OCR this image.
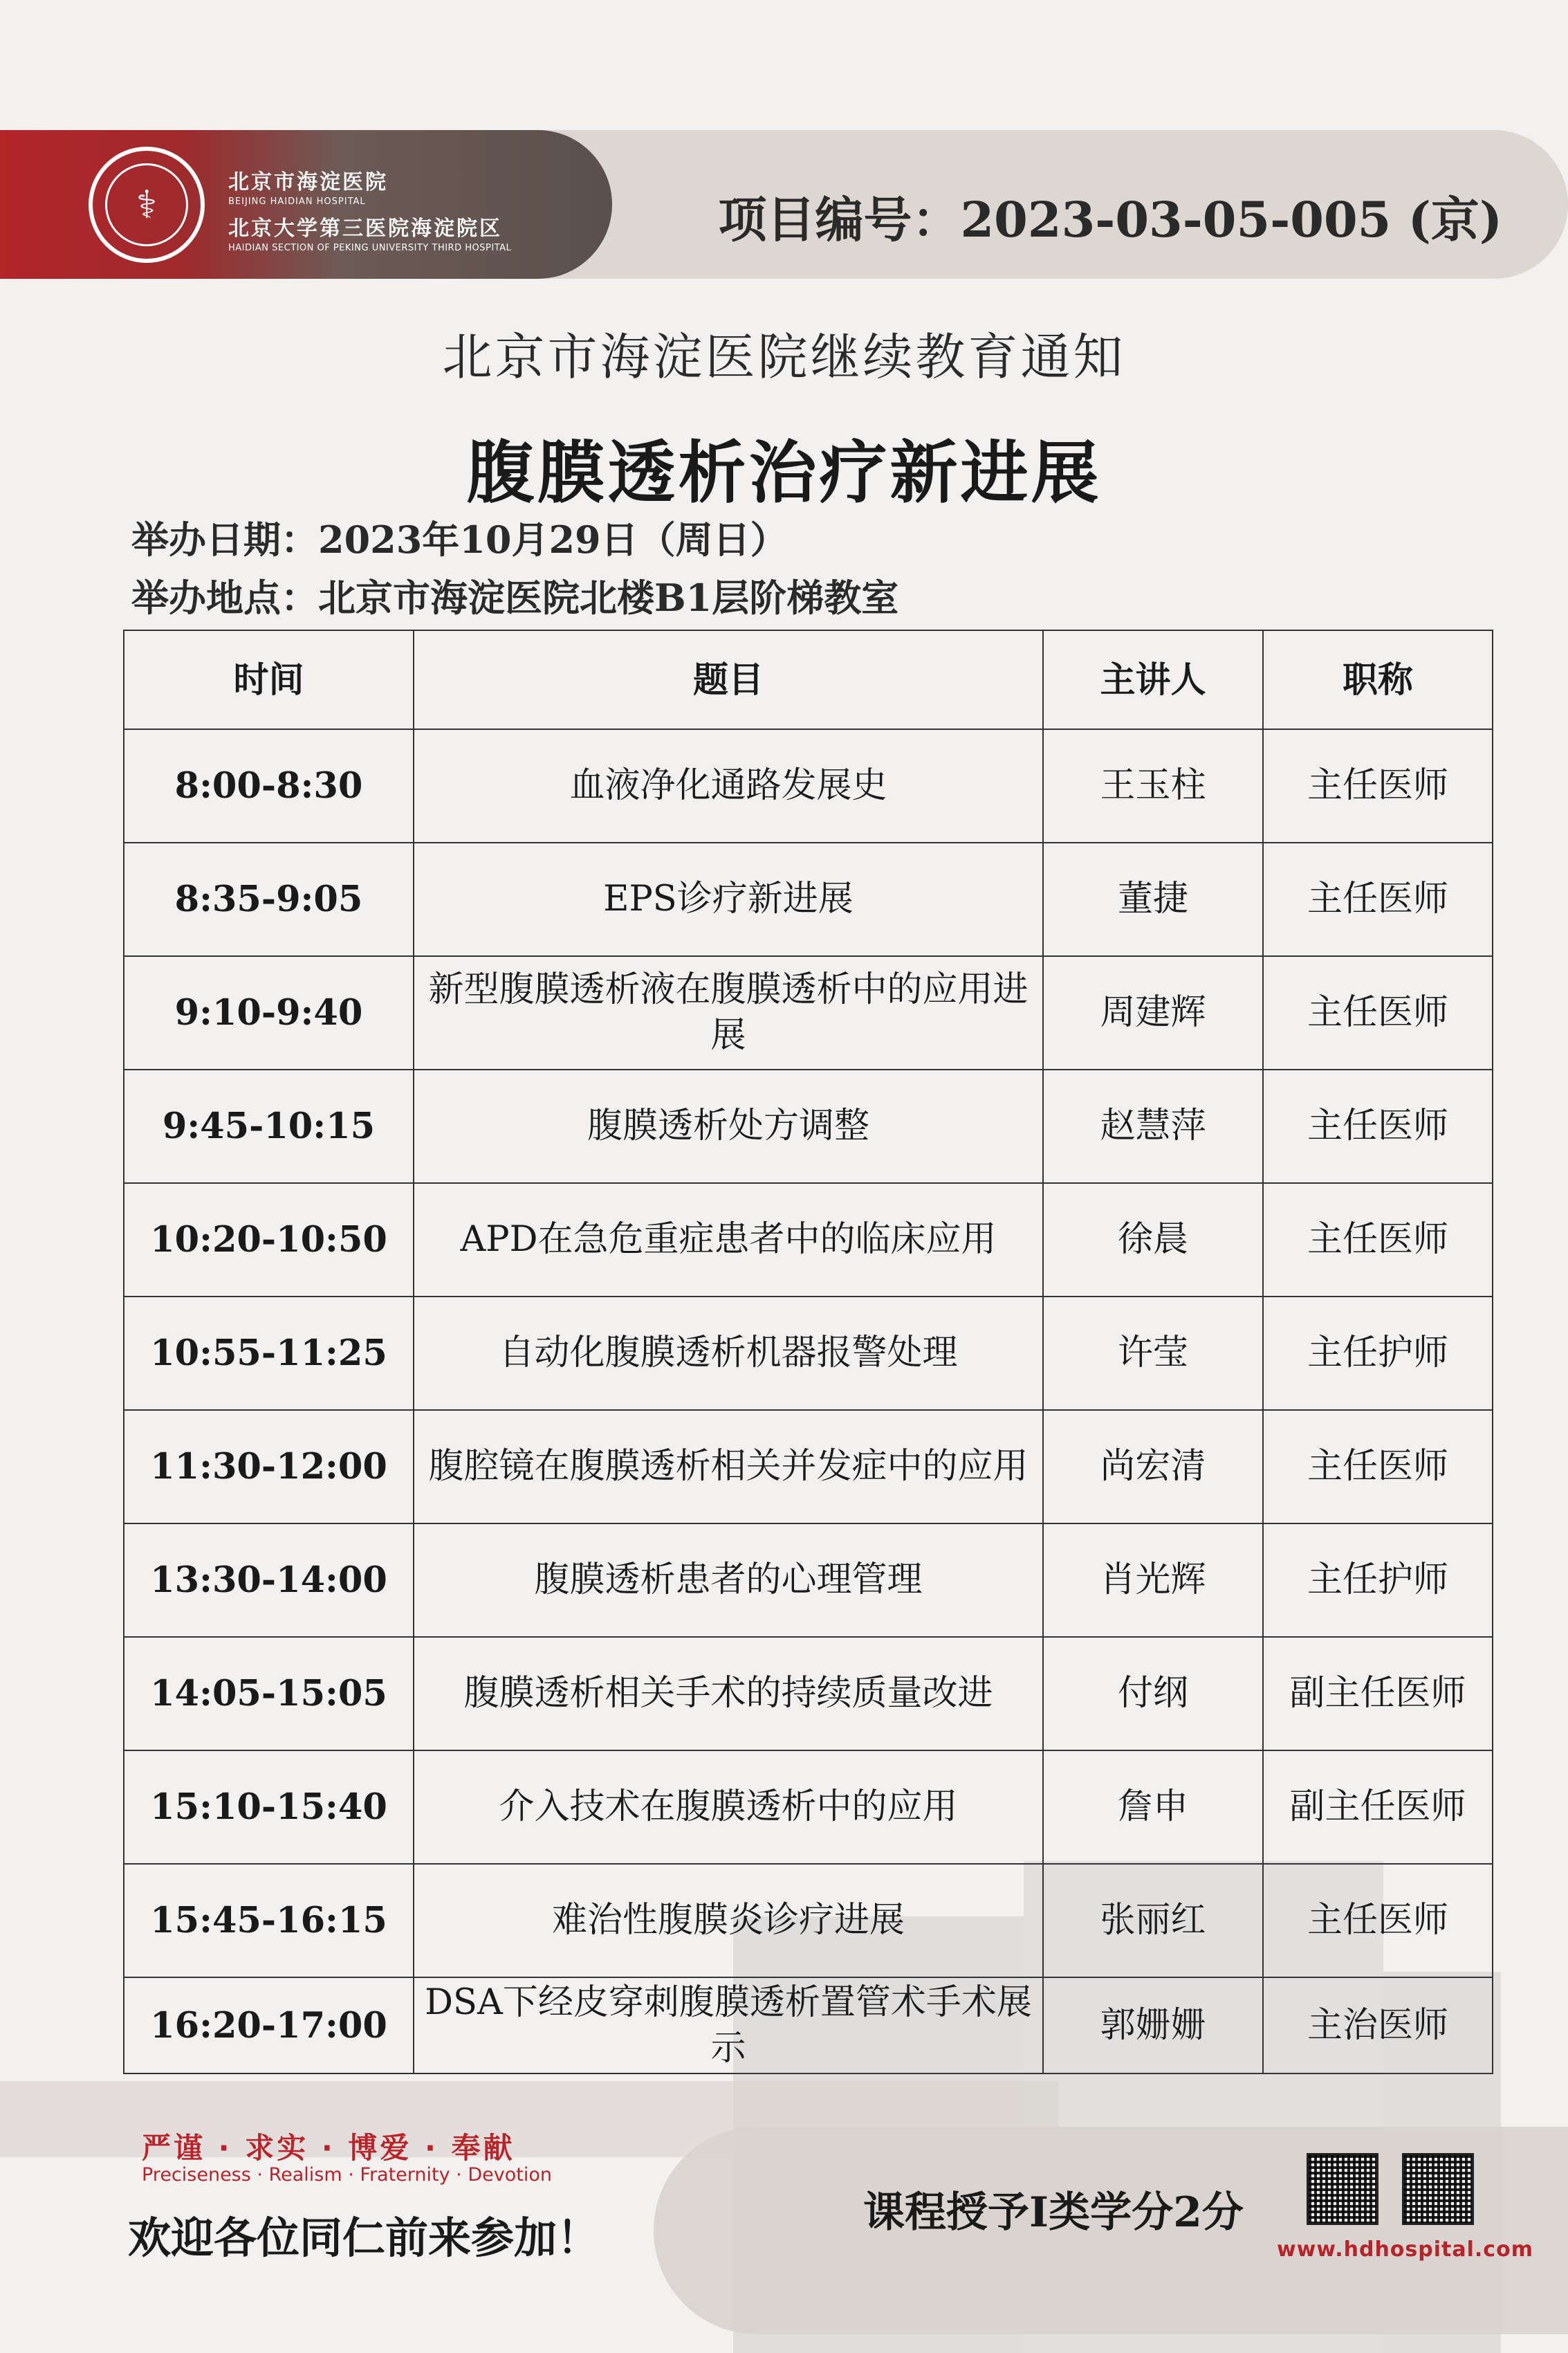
⚕	北京市海淀医院
BEIJING HAIDIAN HOSPITAL
北京大学第三医院海淀院区
HAIDIAN SECTION OF PEKING UNIVERSITY THIRD HOSPITAL	项目编号：2023-03-05-005 (京)
北京市海淀医院继续教育通知
腹膜透析治疗新进展
举办日期：2023年10月29日（周日）
举办地点：北京市海淀医院北楼B1层阶梯教室
时间	题目	主讲人	职称
8:00-8:30	血液净化通路发展史	王玉柱	主任医师
8:35-9:05	EPS诊疗新进展	董捷	主任医师
9:10-9:40	新型腹膜透析液在腹膜透析中的应用进展	周建辉	主任医师
9:45-10:15	腹膜透析处方调整	赵慧萍	主任医师
10:20-10:50	APD在急危重症患者中的临床应用	徐晨	主任医师
10:55-11:25	自动化腹膜透析机器报警处理	许莹	主任护师
11:30-12:00	腹腔镜在腹膜透析相关并发症中的应用	尚宏清	主任医师
13:30-14:00	腹膜透析患者的心理管理	肖光辉	主任护师
14:05-15:05	腹膜透析相关手术的持续质量改进	付纲	副主任医师
15:10-15:40	介入技术在腹膜透析中的应用	詹申	副主任医师
15:45-16:15	难治性腹膜炎诊疗进展	张丽红	主任医师
16:20-17:00	DSA下经皮穿刺腹膜透析置管术手术展示	郭姗姗	主治医师
严谨 · 求实 · 博爱 · 奉献
Preciseness · Realism · Fraternity · Devotion
欢迎各位同仁前来参加！	课程授予I类学分2分
www.hdhospital.com
